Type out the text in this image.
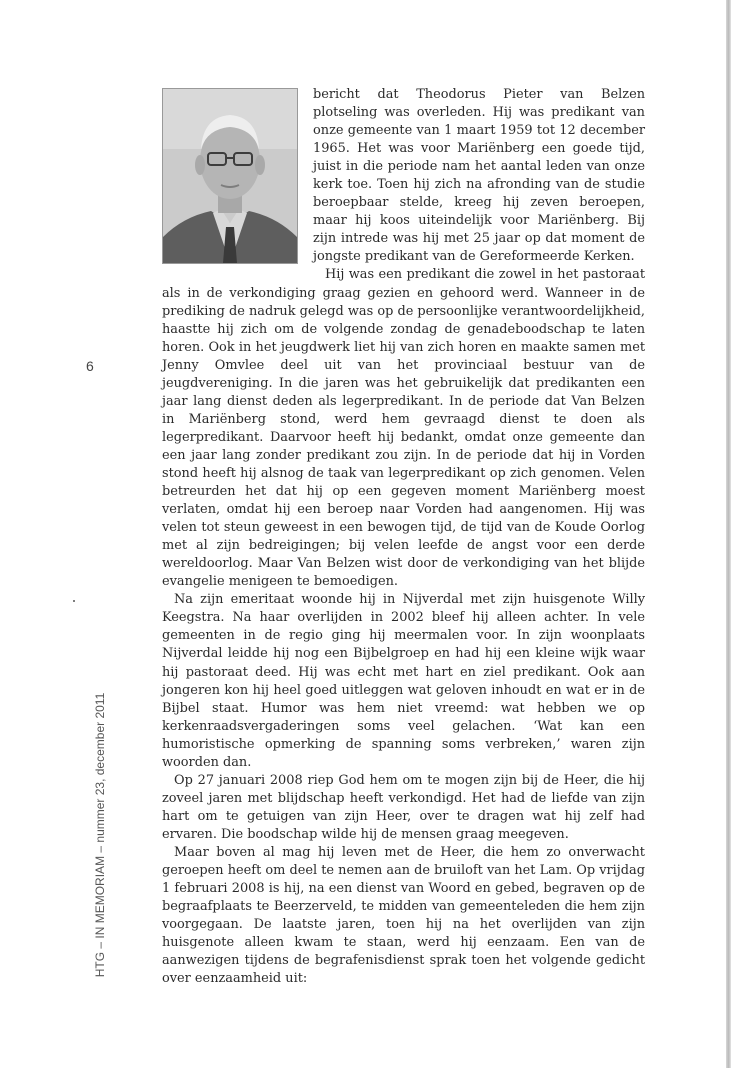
6
HTG – IN MEMORIAM – nummer 23, december 2011

bericht dat Theodorus Pieter van Belzen plotseling was overleden. Hij was predikant van onze gemeente van 1 maart 1959 tot 12 december 1965. Het was voor Mariënberg een goede tijd, juist in die periode nam het aantal leden van onze kerk toe. Toen hij zich na afronding van de studie beroepbaar stelde, kreeg hij zeven beroepen, maar hij koos uiteindelijk voor Mariënberg. Bij zijn intrede was hij met 25 jaar op dat moment de jongste predikant van de Gereformeerde Kerken.

Hij was een predikant die zowel in het pastoraat als in de verkondiging graag gezien en gehoord werd. Wanneer in de prediking de nadruk gelegd was op de persoonlijke verantwoordelijkheid, haastte hij zich om de volgende zondag de genadeboodschap te laten horen. Ook in het jeugdwerk liet hij van zich horen en maakte samen met Jenny Omvlee deel uit van het provinciaal bestuur van de jeugdvereniging. In die jaren was het gebruikelijk dat predikanten een jaar lang dienst deden als legerpredikant. In de periode dat Van Belzen in Mariënberg stond, werd hem gevraagd dienst te doen als legerpredikant. Daarvoor heeft hij bedankt, omdat onze gemeente dan een jaar lang zonder predikant zou zijn. In de periode dat hij in Vorden stond heeft hij alsnog de taak van legerpredikant op zich genomen. Velen betreurden het dat hij op een gegeven moment Mariënberg moest verlaten, omdat hij een beroep naar Vorden had aangenomen. Hij was velen tot steun geweest in een bewogen tijd, de tijd van de Koude Oorlog met al zijn bedreigingen; bij velen leefde de angst voor een derde wereldoorlog. Maar Van Belzen wist door de verkondiging van het blijde evangelie menigeen te bemoedigen.

Na zijn emeritaat woonde hij in Nijverdal met zijn huisgenote Willy Keegstra. Na haar overlijden in 2002 bleef hij alleen achter. In vele gemeenten in de regio ging hij meermalen voor. In zijn woonplaats Nijverdal leidde hij nog een Bijbelgroep en had hij een kleine wijk waar hij pastoraat deed. Hij was echt met hart en ziel predikant. Ook aan jongeren kon hij heel goed uitleggen wat geloven inhoudt en wat er in de Bijbel staat. Humor was hem niet vreemd: wat hebben we op kerkenraadsvergaderingen soms veel gelachen. ‘Wat kan een humoristische opmerking de spanning soms verbreken,’ waren zijn woorden dan.

Op 27 januari 2008 riep God hem om te mogen zijn bij de Heer, die hij zoveel jaren met blijdschap heeft verkondigd. Het had de liefde van zijn hart om te getuigen van zijn Heer, over te dragen wat hij zelf had ervaren. Die boodschap wilde hij de mensen graag meegeven.

Maar boven al mag hij leven met de Heer, die hem zo onverwacht geroepen heeft om deel te nemen aan de bruiloft van het Lam. Op vrijdag 1 februari 2008 is hij, na een dienst van Woord en gebed, begraven op de begraafplaats te Beerzerveld, te midden van gemeenteleden die hem zijn voorgegaan. De laatste jaren, toen hij na het overlijden van zijn huisgenote alleen kwam te staan, werd hij eenzaam. Een van de aanwezigen tijdens de begrafenisdienst sprak toen het volgende gedicht over eenzaamheid uit:
